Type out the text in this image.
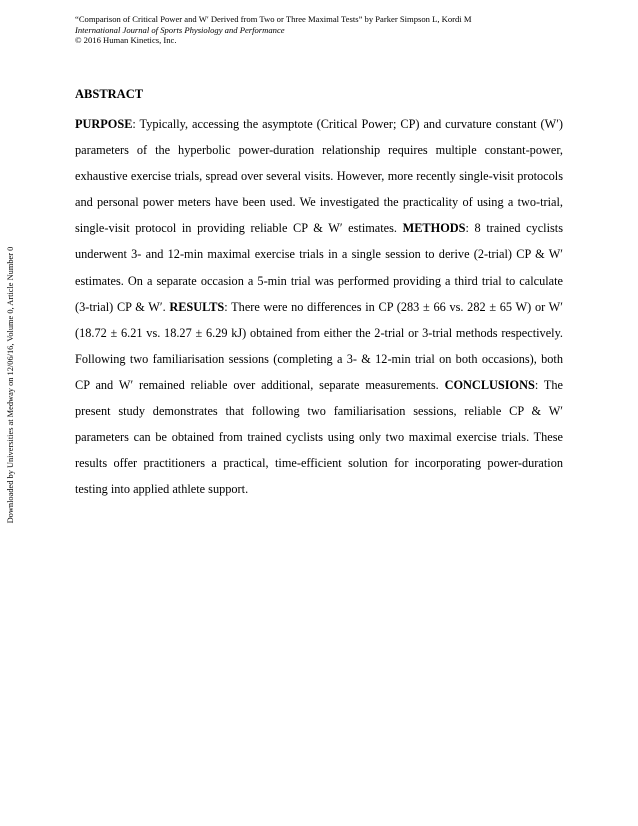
Downloaded by Universities at Medway on 12/06/16, Volume 0, Article Number 0
“Comparison of Critical Power and W′ Derived from Two or Three Maximal Tests” by Parker Simpson L, Kordi M
International Journal of Sports Physiology and Performance
© 2016 Human Kinetics, Inc.
ABSTRACT
PURPOSE: Typically, accessing the asymptote (Critical Power; CP) and curvature constant (W′) parameters of the hyperbolic power-duration relationship requires multiple constant-power, exhaustive exercise trials, spread over several visits. However, more recently single-visit protocols and personal power meters have been used. We investigated the practicality of using a two-trial, single-visit protocol in providing reliable CP & W′ estimates. METHODS: 8 trained cyclists underwent 3- and 12-min maximal exercise trials in a single session to derive (2-trial) CP & W′ estimates. On a separate occasion a 5-min trial was performed providing a third trial to calculate (3-trial) CP & W′. RESULTS: There were no differences in CP (283 ± 66 vs. 282 ± 65 W) or W′ (18.72 ± 6.21 vs. 18.27 ± 6.29 kJ) obtained from either the 2-trial or 3-trial methods respectively. Following two familiarisation sessions (completing a 3- & 12-min trial on both occasions), both CP and W′ remained reliable over additional, separate measurements. CONCLUSIONS: The present study demonstrates that following two familiarisation sessions, reliable CP & W′ parameters can be obtained from trained cyclists using only two maximal exercise trials. These results offer practitioners a practical, time-efficient solution for incorporating power-duration testing into applied athlete support.
